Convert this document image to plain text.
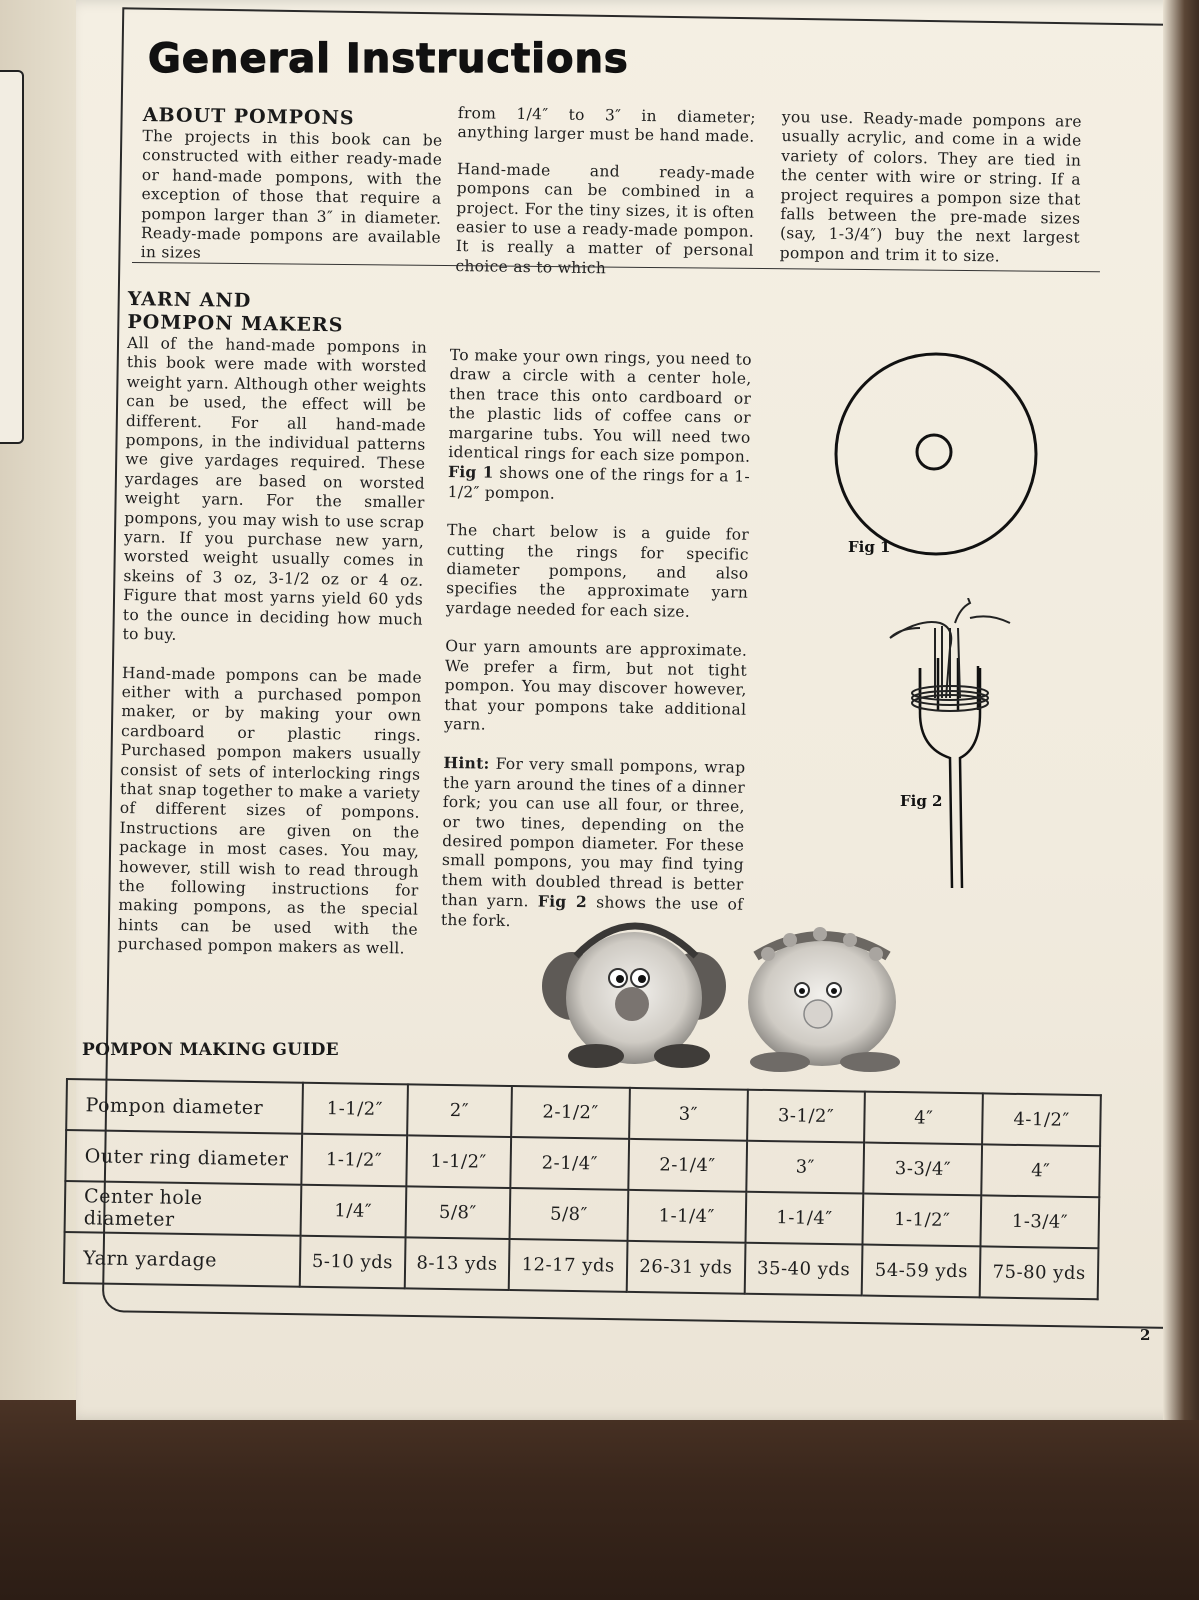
General Instructions
ABOUT POMPONS
The projects in this book can be constructed with either ready-made or hand-made pompons, with the exception of those that require a pompon larger than 3″ in diameter. Ready-made pompons are available in sizes
from 1/4″ to 3″ in diameter; anything larger must be hand made.
Hand-made and ready-made pompons can be combined in a project. For the tiny sizes, it is often easier to use a ready-made pompon. It is really a matter of personal choice as to which
you use. Ready-made pompons are usually acrylic, and come in a wide variety of colors. They are tied in the center with wire or string. If a project requires a pompon size that falls between the pre-made sizes (say, 1-3/4″) buy the next largest pompon and trim it to size.
YARN AND
POMPON MAKERS
All of the hand-made pompons in this book were made with worsted weight yarn. Although other weights can be used, the effect will be different. For all hand-made pompons, in the individual patterns we give yardages required. These yardages are based on worsted weight yarn. For the smaller pompons, you may wish to use scrap yarn. If you purchase new yarn, worsted weight usually comes in skeins of 3 oz, 3-1/2 oz or 4 oz. Figure that most yarns yield 60 yds to the ounce in deciding how much to buy.
Hand-made pompons can be made either with a purchased pompon maker, or by making your own cardboard or plastic rings. Purchased pompon makers usually consist of sets of interlocking rings that snap together to make a variety of different sizes of pompons. Instructions are given on the package in most cases. You may, however, still wish to read through the following instructions for making pompons, as the special hints can be used with the purchased pompon makers as well.
To make your own rings, you need to draw a circle with a center hole, then trace this onto cardboard or the plastic lids of coffee cans or margarine tubs. You will need two identical rings for each size pompon. Fig 1 shows one of the rings for a 1-1/2″ pompon.
The chart below is a guide for cutting the rings for specific diameter pompons, and also specifies the approximate yarn yardage needed for each size.
Our yarn amounts are approximate. We prefer a firm, but not tight pompon. You may discover however, that your pompons take additional yarn.
Hint: For very small pompons, wrap the yarn around the tines of a dinner fork; you can use all four, or three, or two tines, depending on the desired pompon diameter. For these small pompons, you may find tying them with doubled thread is better than yarn. Fig 2 shows the use of the fork.
Fig 1
Fig 2
POMPON MAKING GUIDE
Pompon diameter	1-1/2″	2″	2-1/2″	3″	3-1/2″	4″	4-1/2″
Outer ring diameter	1-1/2″	1-1/2″	2-1/4″	2-1/4″	3″	3-3/4″	4″
Center hole diameter	1/4″	5/8″	5/8″	1-1/4″	1-1/4″	1-1/2″	1-3/4″
Yarn yardage	5-10 yds	8-13 yds	12-17 yds	26-31 yds	35-40 yds	54-59 yds	75-80 yds
2
